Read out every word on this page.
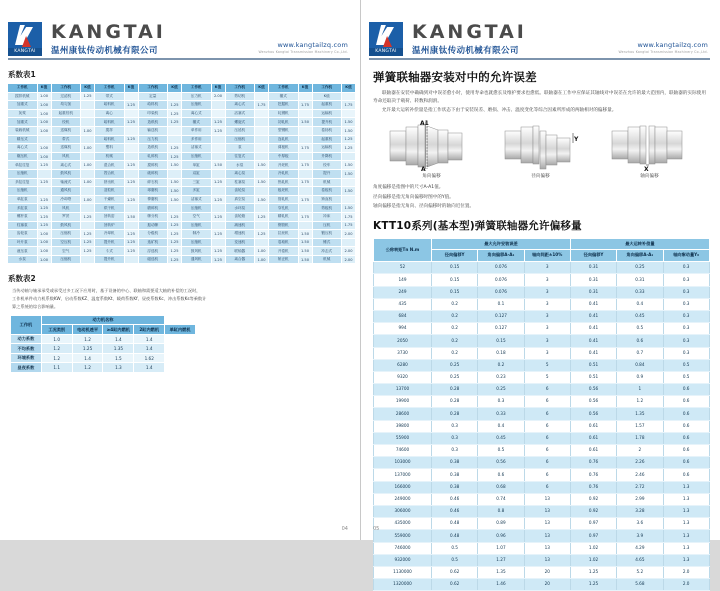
KANGTAI
KANGTAI
温州康钛传动机械有限公司
www.kangtailzq.com
Wenzhou Kangtai Transmission Machinery Co.,Ltd.
系数表1
工作机	K值	工作机	K值	工作机	K值	工作机	K值	工作机	K值	工作机	K值	工作机	K值	工作机	K值
搅拌机械	1.00	过滤机	1.25	带式		定量		压力机	2.00	剪切机		辗式		K值	
加重式	1.00	均匀加		给料机	1.25	给料机	1.25	压缩机		离心式	1.75	挖掘机	1.75	起重机	1.75
灰浆	1.00	起重绞机		离心		印染机	1.25	离心式		活塞式		轧钢机		运输机	
加重式	1.00	绞机		给料机	1.25	造纸机	1.25	辗式	1.25	螺旋式		初轧机	1.50	提升机	1.50
装载机械	1.00	送煤机	1.00	搅拌		输送机		单作用	1.25	压延机		型钢机		卷扬机	1.50
精压式		带式		给料机	1.25	压力机		多作用		压缩机		连轧机		起重机	1.25
离心式	1.00	送煤机	1.00	塑料		造纸机	1.25	活塞式		泵		薄板机	1.75	运输机	1.25
辗压机	1.00	风机		机械		轧碎机	1.25	压缩机		往复式		中厚板		升降机	
单缸往复	1.25	离心式	1.00	混合机	1.25	搅碎机	1.50	单缸	1.50	水泵	1.50	开坯机	1.75	绞车	1.50
压缩机		鼓风机		捏合机		破碎机		双缸		离心泵		冷轧机		提升	1.50
多缸往复	1.25	轴流式	1.00	挤出机	1.25	碎石机	1.50	三缸	1.25	柱塞泵	1.50	热轧机	1.75	机械	
压缩机		通风机		造粒机		球磨机	1.50	多缸		齿轮泵		板坯机		卷板机	1.50
单缸泵	1.25	冷却塔	1.00	干燥机	1.25	棒磨机	1.50	活塞式	1.25	真空泵	1.50	管轧机	1.75	矫直机	
多缸泵	1.25	风机		烘干机		磨碎机		压缩机		水环泵		穿孔机		剪板机	1.50
螺杆泵	1.25	罗茨	1.25	回转窑	1.50	筛分机	1.25	空气	1.25	齿轮箱	1.25	精轧机	1.75	冲床	1.75
柱塞泵	1.25	鼓风机		回转炉		振动筛	1.25	压缩机		减速机		钢管机		压机	1.75
齿轮泵	1.00	压缩机	1.25	冷却机	1.25	分级机	1.25	制冷	1.25	增速机	1.25	拉丝机	1.50	锻压机	2.00
叶片泵	1.00	空压机	1.25	提升机	1.25	选矿机	1.25	压缩机		变速机		卷取机	1.50	锤式	
液压泵	1.00	空气	1.25	斗式	1.25	浮选机	1.25	鼓风机	1.25	联轴器	1.00	开卷机	1.50	冲击式	2.00
水泵	1.00	压缩机		提升机		磁选机	1.25	通风机	1.25	离合器	1.00	矫正机	1.50	机械	2.00
系数表2
当传动轴与轴承承受或承受过多工况下应用时，基于设备的中心、联轴和需要适大轴的补偿的工况时，
工作机单件动力机系数KW、启动系数KZ、温度系数Kt、载荷系数Kf、昼夜系数Kc、冲击系数Ks等乘数计
算之系统的综合影响量。
工作机	动力机名称				
	工况类别	电动机透平	≥4缸内燃机	2缸内燃机	单缸内燃机
动力系数	1.0	1.2	1.4	1.4	
不均系数	1.2	1.25	1.35	1.4	
环境系数	1.2	1.4	1.5	1.62	
昼夜系数	1.1	1.2	1.3	1.4	
04
KANGTAI
KANGTAI
温州康钛传动机械有限公司
www.kangtailzq.com
Wenzhou Kangtai Transmission Machinery Co.,Ltd.
弹簧联轴器安装对中的允许误差
联轴器在安装中确确到对中误差愈小时，使用寿命也就愈长及维护要求也愈低。联轴器在工作中应保证其轴线对中误差在允许的最大范围内，联轴器的实际使用寿命还取决于载荷、转数和润滑。
允许最大运转补偿量是指工作状态下由于安装误差、磨损、冲击、温度变化等综合因素所形成的两轴相对的偏移量。
A1
A
角向偏移
Y
径向偏移
X
轴向偏移
角度偏移是指图中的尺寸A-A1值。
径向偏移是指无角向偏移时图中的Y值。
轴向偏移是指无角向、径向偏移时的轴向近位置。
KTT10系列(基本型)弹簧联轴器允许偏移量
公称转矩Tn N.m	最大允许安装误差			最大运转补偿量		
	径向偏移Y	角向偏移A-A₁	轴向间距±10%	径向偏移Y	角向偏移A-A₁	轴向窜动量Y₀
52	0.15	0.076	3	0.31	0.25	0.3
149	0.15	0.076	3	0.31	0.31	0.3
249	0.15	0.076	3	0.31	0.33	0.3
435	0.2	0.1	3	0.41	0.4	0.3
684	0.2	0.127	3	0.41	0.45	0.3
994	0.2	0.127	3	0.41	0.5	0.3
2050	0.2	0.15	3	0.41	0.6	0.3
3730	0.2	0.18	3	0.41	0.7	0.3
6280	0.25	0.2	5	0.51	0.84	0.5
9320	0.25	0.23	5	0.51	0.9	0.5
13700	0.28	0.25	6	0.56	1	0.6
19900	0.28	0.3	6	0.56	1.2	0.6
28600	0.28	0.33	6	0.56	1.35	0.6
39800	0.3	0.4	6	0.61	1.57	0.6
55900	0.3	0.45	6	0.61	1.78	0.6
74600	0.3	0.5	6	0.61	2	0.6
103000	0.38	0.56	6	0.76	2.26	0.6
137000	0.38	0.6	6	0.76	2.46	0.6
166000	0.38	0.68	6	0.76	2.72	1.3
249000	0.46	0.74	13	0.92	2.99	1.3
306000	0.46	0.8	13	0.92	3.28	1.3
435000	0.48	0.89	13	0.97	3.6	1.3
559000	0.48	0.96	13	0.97	3.9	1.3
746000	0.5	1.07	13	1.02	4.29	1.3
932000	0.5	1.27	13	1.02	4.65	1.3
1130000	0.62	1.35	20	1.25	5.2	2.0
1320000	0.62	1.46	20	1.25	5.68	2.0
05
